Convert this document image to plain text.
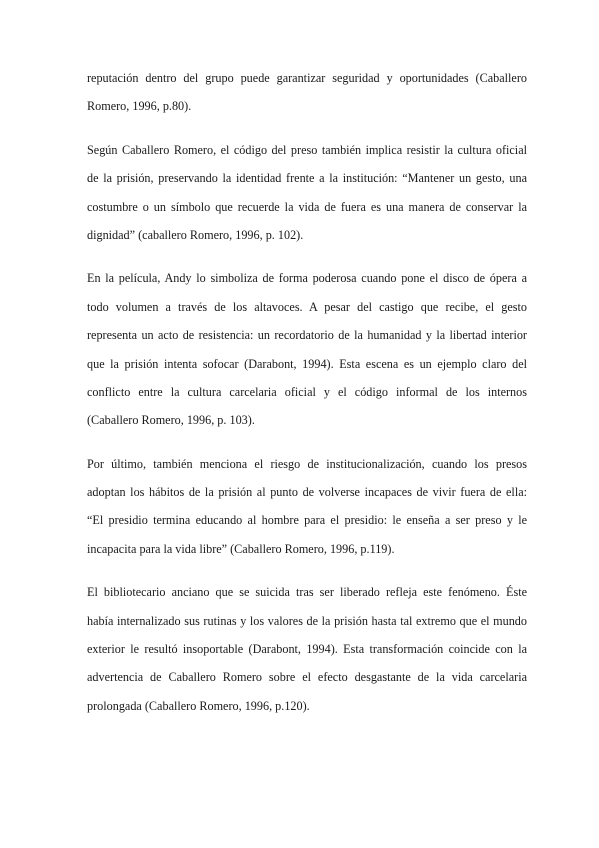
reputación dentro del grupo puede garantizar seguridad y oportunidades (Caballero
Romero, 1996, p.80).

Según Caballero Romero, el código del preso también implica resistir la cultura oficial
de la prisión, preservando la identidad frente a la institución: “Mantener un gesto, una
costumbre o un símbolo que recuerde la vida de fuera es una manera de conservar la
dignidad” (caballero Romero, 1996, p. 102).

En la película, Andy lo simboliza de forma poderosa cuando pone el disco de ópera a
todo volumen a través de los altavoces. A pesar del castigo que recibe, el gesto
representa un acto de resistencia: un recordatorio de la humanidad y la libertad interior
que la prisión intenta sofocar (Darabont, 1994). Esta escena es un ejemplo claro del
conflicto entre la cultura carcelaria oficial y el código informal de los internos
(Caballero Romero, 1996, p. 103).

Por último, también menciona el riesgo de institucionalización, cuando los presos
adoptan los hábitos de la prisión al punto de volverse incapaces de vivir fuera de ella:
“El presidio termina educando al hombre para el presidio: le enseña a ser preso y le
incapacita para la vida libre” (Caballero Romero, 1996, p.119).

El bibliotecario anciano que se suicida tras ser liberado refleja este fenómeno. Éste
había internalizado sus rutinas y los valores de la prisión hasta tal extremo que el mundo
exterior le resultó insoportable (Darabont, 1994). Esta transformación coincide con la
advertencia de Caballero Romero sobre el efecto desgastante de la vida carcelaria
prolongada (Caballero Romero, 1996, p.120).
